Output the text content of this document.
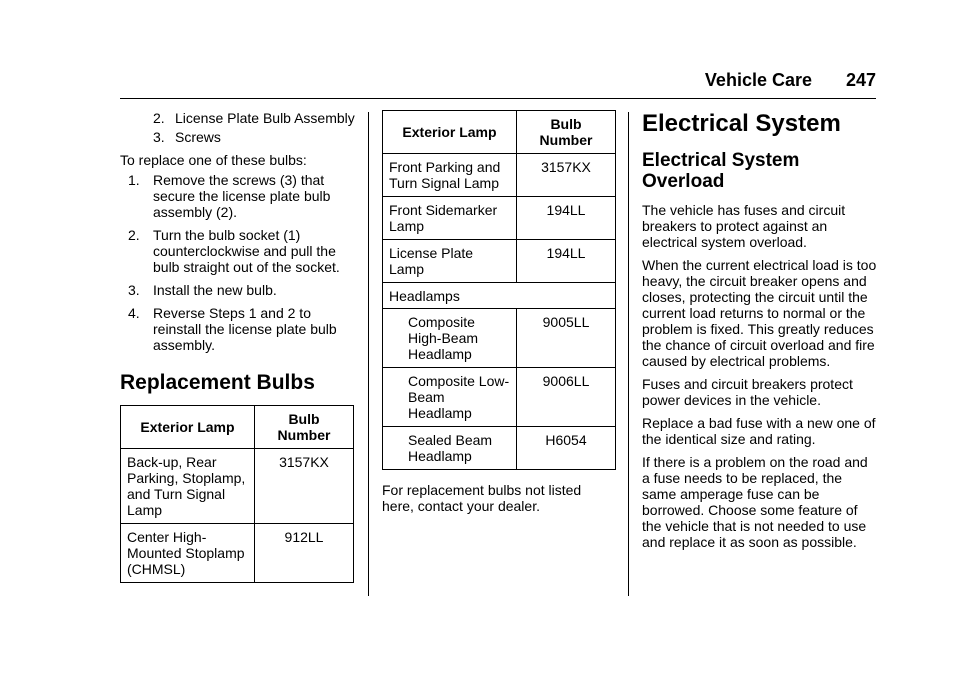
Vehicle Care 247
2. License Plate Bulb Assembly
3. Screws
To replace one of these bulbs:
1. Remove the screws (3) that secure the license plate bulb assembly (2).
2. Turn the bulb socket (1) counterclockwise and pull the bulb straight out of the socket.
3. Install the new bulb.
4. Reverse Steps 1 and 2 to reinstall the license plate bulb assembly.
Replacement Bulbs
Exterior Lamp	Bulb Number
Back-up, Rear Parking, Stoplamp, and Turn Signal Lamp	3157KX
Center High-Mounted Stoplamp (CHMSL)	912LL
Exterior Lamp	Bulb Number
Front Parking and Turn Signal Lamp	3157KX
Front Sidemarker Lamp	194LL
License Plate Lamp	194LL
Headlamps	
Composite High-Beam Headlamp	9005LL
Composite Low-Beam Headlamp	9006LL
Sealed Beam Headlamp	H6054
For replacement bulbs not listed here, contact your dealer.
Electrical System
Electrical System Overload
The vehicle has fuses and circuit breakers to protect against an electrical system overload.
When the current electrical load is too heavy, the circuit breaker opens and closes, protecting the circuit until the current load returns to normal or the problem is fixed. This greatly reduces the chance of circuit overload and fire caused by electrical problems.
Fuses and circuit breakers protect power devices in the vehicle.
Replace a bad fuse with a new one of the identical size and rating.
If there is a problem on the road and a fuse needs to be replaced, the same amperage fuse can be borrowed. Choose some feature of the vehicle that is not needed to use and replace it as soon as possible.
